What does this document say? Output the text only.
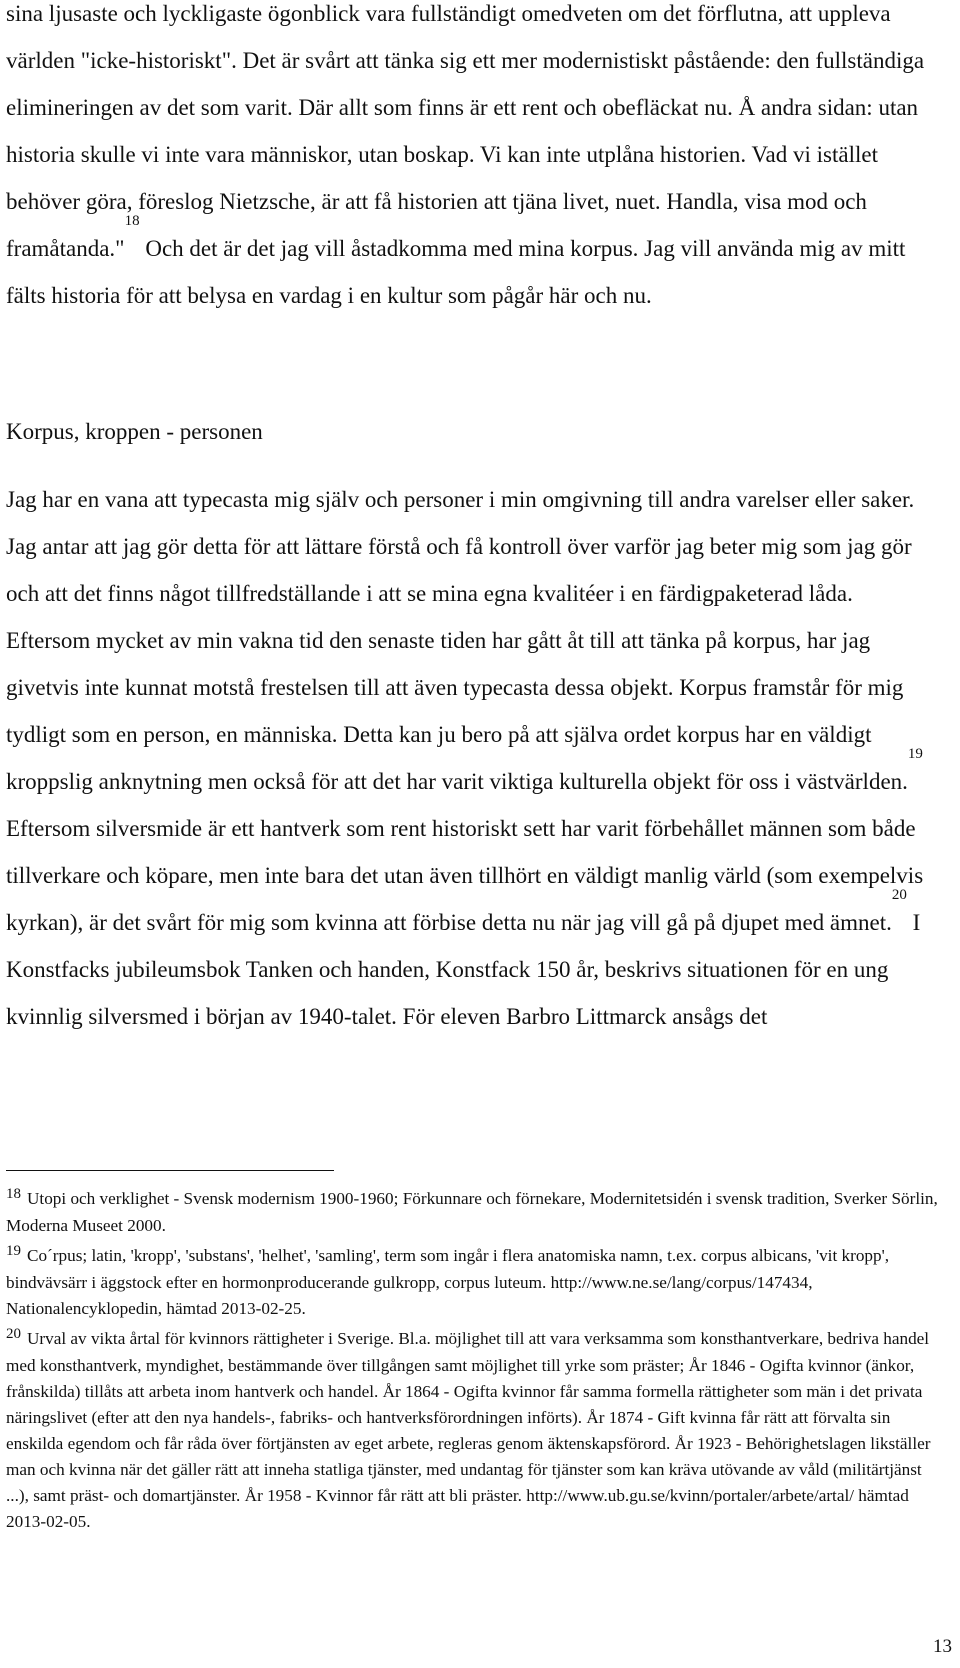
sina ljusaste och lyckligaste ögonblick vara fullständigt omedveten om det förflutna, att uppleva världen "icke-historiskt". Det är svårt att tänka sig ett mer modernistiskt påstående: den fullständiga elimineringen av det som varit. Där allt som finns är ett rent och obefläckat nu. Å andra sidan: utan historia skulle vi inte vara människor, utan boskap. Vi kan inte utplåna historien. Vad vi istället behöver göra, föreslog Nietzsche, är att få historien att tjäna livet, nuet. Handla, visa mod och framåtanda."$^{18}$ Och det är det jag vill åstadkomma med mina korpus. Jag vill använda mig av mitt fälts historia för att belysa en vardag i en kultur som pågår här och nu.

Korpus, kroppen - personen

Jag har en vana att typecasta mig själv och personer i min omgivning till andra varelser eller saker. Jag antar att jag gör detta för att lättare förstå och få kontroll över varför jag beter mig som jag gör och att det finns något tillfredställande i att se mina egna kvalitéer i en färdigpaketerad låda. Eftersom mycket av min vakna tid den senaste tiden har gått åt till att tänka på korpus, har jag givetvis inte kunnat motstå frestelsen till att även typecasta dessa objekt. Korpus framstår för mig tydligt som en person, en människa. Detta kan ju bero på att själva ordet korpus har en väldigt kroppslig anknytning men också för att det har varit viktiga kulturella objekt för oss i västvärlden.$^{19}$ Eftersom silversmide är ett hantverk som rent historiskt sett har varit förbehållet männen som både tillverkare och köpare, men inte bara det utan även tillhört en väldigt manlig värld (som exempelvis kyrkan), är det svårt för mig som kvinna att förbise detta nu när jag vill gå på djupet med ämnet.$^{20}$ I Konstfacks jubileumsbok Tanken och handen, Konstfack 150 år, beskrivs situationen för en ung kvinnlig silversmed i början av 1940-talet. För eleven Barbro Littmarck ansågs det

18 Utopi och verklighet - Svensk modernism 1900-1960; Förkunnare och förnekare, Modernitetsidén i svensk tradition, Sverker Sörlin, Moderna Museet 2000.

19 Co´rpus; latin, 'kropp', 'substans', 'helhet', 'samling', term som ingår i flera anatomiska namn, t.ex. corpus albicans, 'vit kropp', bindvävsärr i äggstock efter en hormonproducerande gulkropp, corpus luteum. http://www.ne.se/lang/corpus/147434, Nationalencyklopedin, hämtad 2013-02-25.

20 Urval av vikta årtal för kvinnors rättigheter i Sverige. Bl.a. möjlighet till att vara verksamma som konsthantverkare, bedriva handel med konsthantverk, myndighet, bestämmande över tillgången samt möjlighet till yrke som präster; År 1846 - Ogifta kvinnor (änkor, frånskilda) tillåts att arbeta inom hantverk och handel. År 1864 - Ogifta kvinnor får samma formella rättigheter som män i det privata näringslivet (efter att den nya handels-, fabriks- och hantverksförordningen införts). År 1874 - Gift kvinna får rätt att förvalta sin enskilda egendom och får råda över förtjänsten av eget arbete, regleras genom äktenskapsförord. År 1923 - Behörighetslagen likställer man och kvinna när det gäller rätt att inneha statliga tjänster, med undantag för tjänster som kan kräva utövande av våld (militärtjänst ...), samt präst- och domartjänster. År 1958 - Kvinnor får rätt att bli präster. http://www.ub.gu.se/kvinn/portaler/arbete/artal/ hämtad 2013-02-05.

13
